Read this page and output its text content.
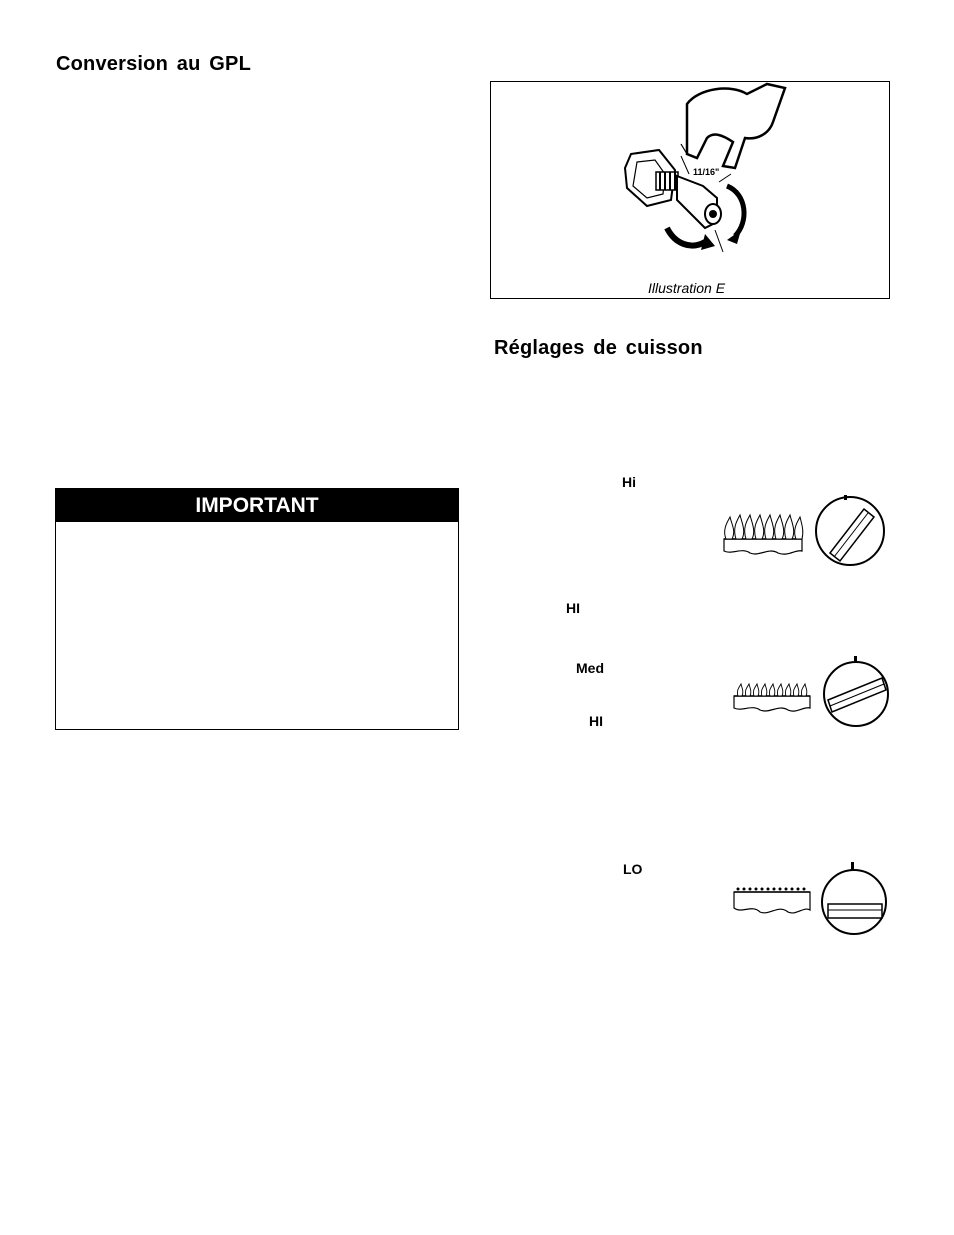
Conversion au GPL
IMPORTANT
11/16"
Illustration E
Réglages de cuisson
Hi
HI
Med
HI
LO
